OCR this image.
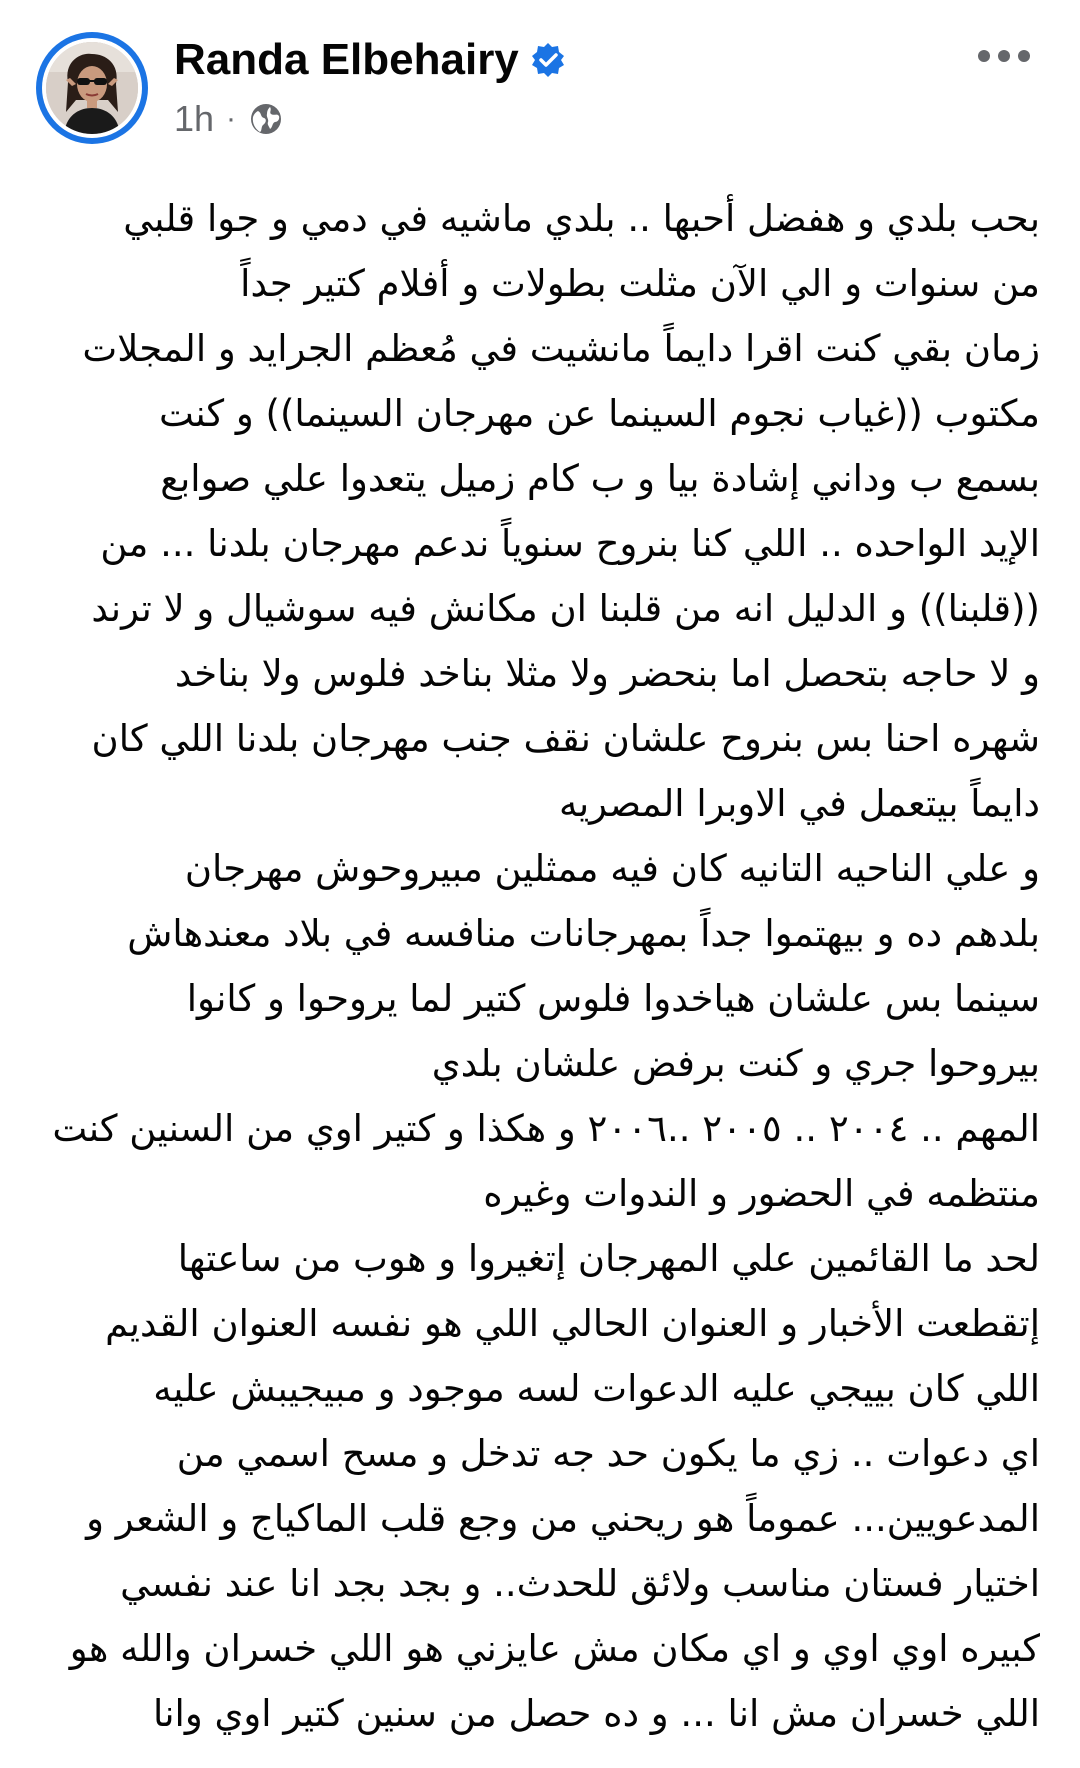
Randa Elbehairy
1h ·
بحب بلدي و هفضل أحبها .. بلدي ماشيه في دمي و جوا قلبي
من سنوات و الي الآن مثلت بطولات و أفلام كتير جداً
زمان بقي كنت اقرا دايماً مانشيت في مُعظم الجرايد و المجلات
مكتوب ((غياب نجوم السينما عن مهرجان السينما)) و كنت
بسمع ب وداني إشادة بيا و ب كام زميل يتعدوا علي صوابع
الإيد الواحده .. اللي كنا بنروح سنوياً ندعم مهرجان بلدنا ... من
((قلبنا)) و الدليل انه من قلبنا ان مكانش فيه سوشيال و لا ترند
و لا حاجه بتحصل اما بنحضر ولا مثلا بناخد فلوس ولا بناخد
شهره احنا بس بنروح علشان نقف جنب مهرجان بلدنا اللي كان
دايماً بيتعمل في الاوبرا المصريه
و علي الناحيه التانيه كان فيه ممثلين مبيروحوش مهرجان
بلدهم ده و بيهتموا جداً بمهرجانات منافسه في بلاد معندهاش
سينما بس علشان هياخدوا فلوس كتير لما يروحوا و كانوا
بيروحوا جري و كنت برفض علشان بلدي
المهم .. ٢٠٠٤ .. ٢٠٠٥ ..٢٠٠٦ و هكذا و كتير اوي من السنين كنت
منتظمه في الحضور و الندوات وغيره
لحد ما القائمين علي المهرجان إتغيروا و هوب من ساعتها
إتقطعت الأخبار و العنوان الحالي اللي هو نفسه العنوان القديم
اللي كان بييجي عليه الدعوات لسه موجود و مبيجيبش عليه
اي دعوات .. زي ما يكون حد جه تدخل و مسح اسمي من
المدعويين... عموماً هو ريحني من وجع قلب الماكياج و الشعر و
اختيار فستان مناسب ولائق للحدث.. و بجد بجد انا عند نفسي
كبيره اوي اوي و اي مكان مش عايزني هو اللي خسران والله هو
اللي خسران مش انا ... و ده حصل من سنين كتير اوي وانا
